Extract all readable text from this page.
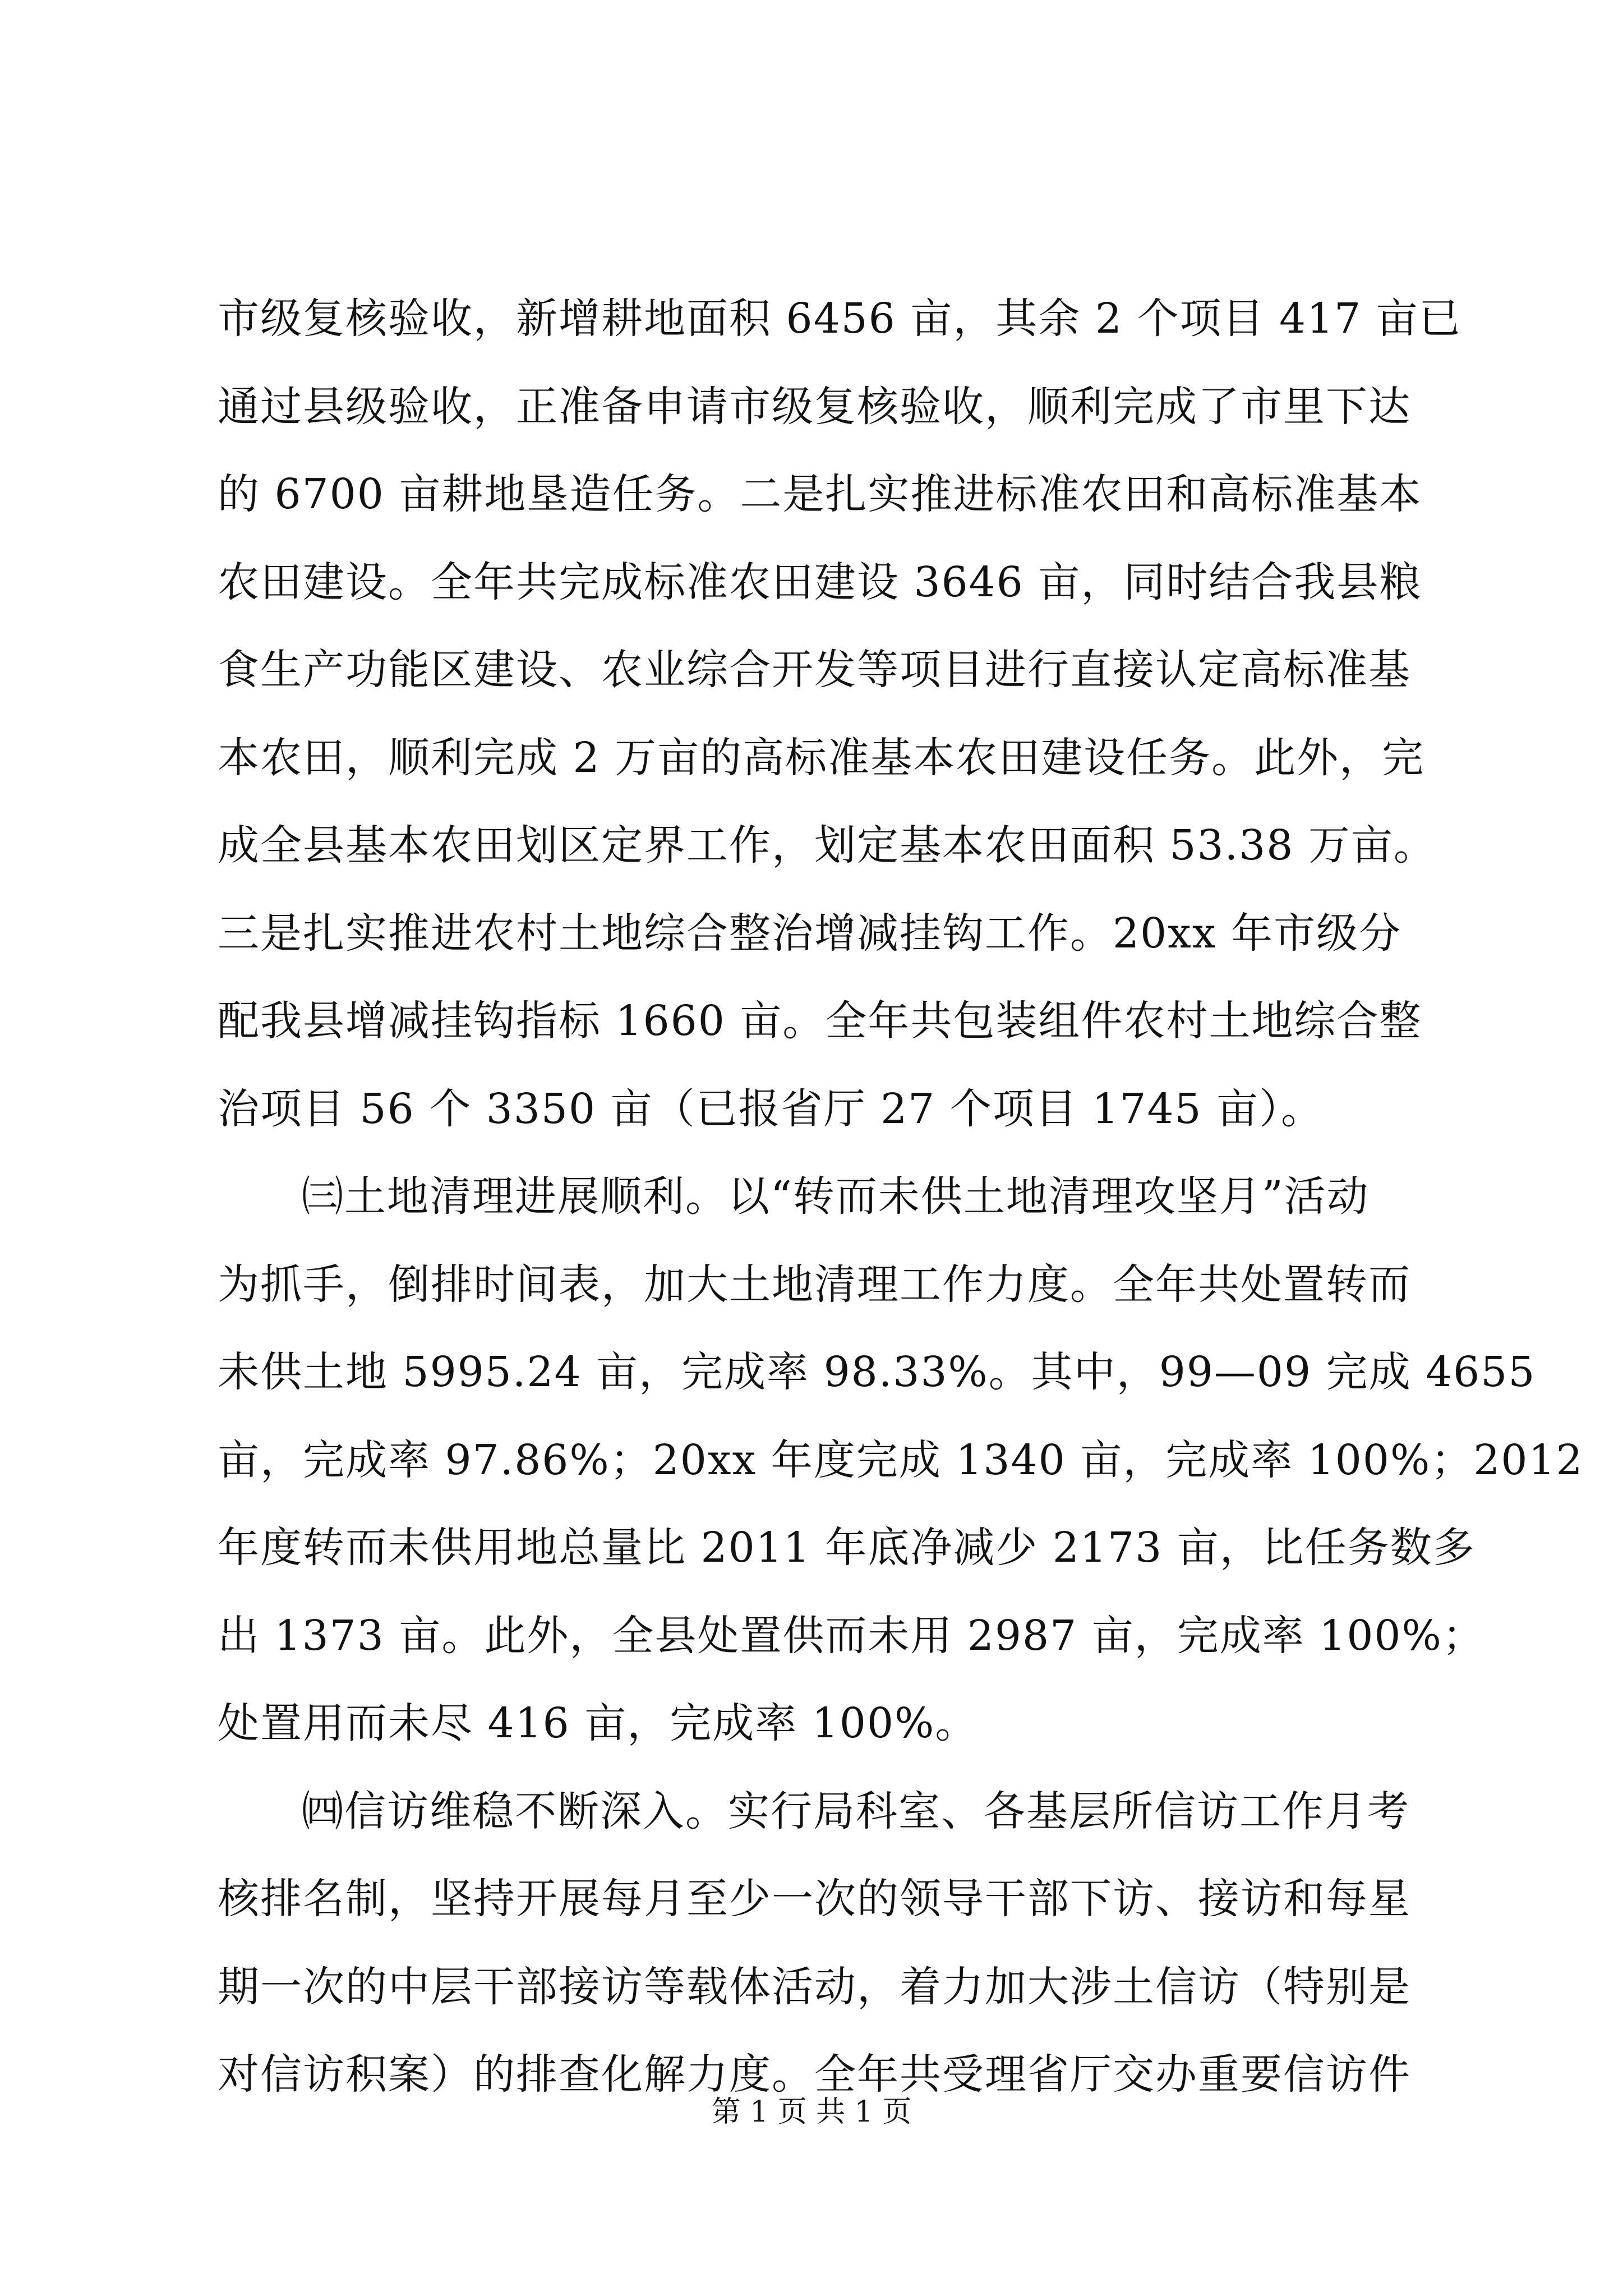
市级复核验收，新增耕地面积 6456 亩，其余 2 个项目 417 亩已
通过县级验收，正准备申请市级复核验收，顺利完成了市里下达
的 6700 亩耕地垦造任务。二是扎实推进标准农田和高标准基本
农田建设。全年共完成标准农田建设 3646 亩，同时结合我县粮
食生产功能区建设、农业综合开发等项目进行直接认定高标准基
本农田，顺利完成 2 万亩的高标准基本农田建设任务。此外，完
成全县基本农田划区定界工作，划定基本农田面积 53.38 万亩。
三是扎实推进农村土地综合整治增减挂钩工作。20xx 年市级分
配我县增减挂钩指标 1660 亩。全年共包装组件农村土地综合整
治项目 56 个 3350 亩（已报省厅 27 个项目 1745 亩）。
㈢土地清理进展顺利。以“转而未供土地清理攻坚月”活动
为抓手，倒排时间表，加大土地清理工作力度。全年共处置转而
未供土地 5995.24 亩，完成率 98.33%。其中，99—09 完成 4655
亩，完成率 97.86%；20xx 年度完成 1340 亩，完成率 100%；2012
年度转而未供用地总量比 2011 年底净减少 2173 亩，比任务数多
出 1373 亩。此外，全县处置供而未用 2987 亩，完成率 100%；
处置用而未尽 416 亩，完成率 100%。
㈣信访维稳不断深入。实行局科室、各基层所信访工作月考
核排名制，坚持开展每月至少一次的领导干部下访、接访和每星
期一次的中层干部接访等载体活动，着力加大涉土信访（特别是
对信访积案）的排查化解力度。全年共受理省厅交办重要信访件
第 1 页 共 1 页
